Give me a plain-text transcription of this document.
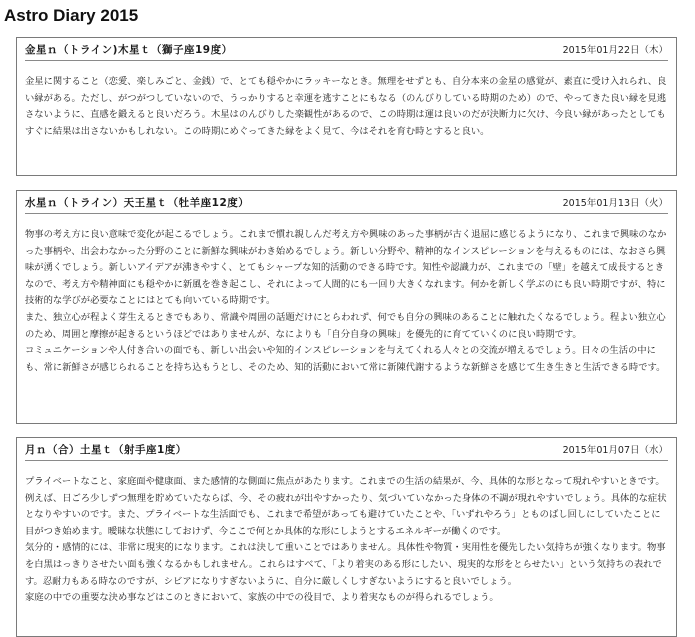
Astro Diary 2015
金星ｎ（トライン)木星ｔ（獅子座19度）	2015年01月22日（木）

金星に関すること（恋愛、楽しみごと、金銭）で、とても穏やかにラッキーなとき。無理をせずとも、自分本来の金星の感覚が、素直に受け入れられ、良い縁がある。ただし、がつがつしていないので、うっかりすると幸運を逃すことにもなる（のんびりしている時期のため）ので、やってきた良い縁を見逃さないように、直感を鍛えると良いだろう。木星はのんびりした楽観性があるので、この時期は運は良いのだが決断力に欠け、今良い縁があったとしてもすぐに結果は出さないかもしれない。この時期にめぐってきた縁をよく見て、今はそれを育む時とすると良い。

水星ｎ（トライン）天王星ｔ（牡羊座12度）	2015年01月13日（火）

物事の考え方に良い意味で変化が起こるでしょう。これまで慣れ親しんだ考え方や興味のあった事柄が古く退屈に感じるようになり、これまで興味のなかった事柄や、出会わなかった分野のことに新鮮な興味がわき始めるでしょう。新しい分野や、精神的なインスピレーションを与えるものには、なおさら興味が湧くでしょう。新しいアイデアが沸きやすく、とてもシャープな知的活動のできる時です。知性や認識力が、これまでの「壁」を越えて成長するときなので、考え方や精神面にも穏やかに新風を巻き起こし、それによって人間的にも一回り大きくなれます。何かを新しく学ぶのにも良い時期ですが、特に技術的な学びが必要なことにはとても向いている時期です。

また、独立心が程よく芽生えるときでもあり、常識や周囲の話題だけにとらわれず、何でも自分の興味のあることに触れたくなるでしょう。程よい独立心のため、周囲と摩擦が起きるというほどではありませんが、なによりも「自分自身の興味」を優先的に育てていくのに良い時期です。

コミュニケーションや人付き合いの面でも、新しい出会いや知的インスピレーションを与えてくれる人々との交流が増えるでしょう。日々の生活の中にも、常に新鮮さが感じられることを持ち込もうとし、そのため、知的活動において常に新陳代謝するような新鮮さを感じて生き生きと生活できる時です。

月ｎ（合）土星ｔ（射手座1度）	2015年01月07日（水）

プライベートなこと、家庭面や健康面、また感情的な側面に焦点があたります。これまでの生活の結果が、今、具体的な形となって現れやすいときです。

例えば、日ごろ少しずつ無理を貯めていたならば、今、その疲れが出やすかったり、気づいていなかった身体の不調が現れやすいでしょう。具体的な症状となりやすいのです。また、プライベートな生活面でも、これまで希望があっても避けていたことや、「いずれやろう」とものばし回しにしていたことに目がつき始めます。曖昧な状態にしておけず、今ここで何とか具体的な形にしようとするエネルギーが働くのです。

気分的・感情的には、非常に現実的になります。これは決して重いことではありません。具体性や物質・実用性を優先したい気持ちが強くなります。物事を白黒はっきりさせたい面も強くなるかもしれません。これらはすべて、「より着実のある形にしたい、現実的な形をとらせたい」という気持ちの表れです。忍耐力もある時なのですが、シビアになりすぎないように、自分に厳しくしすぎないようにすると良いでしょう。

家庭の中での重要な決め事などはこのときにおいて、家族の中での役目で、より着実なものが得られるでしょう。
